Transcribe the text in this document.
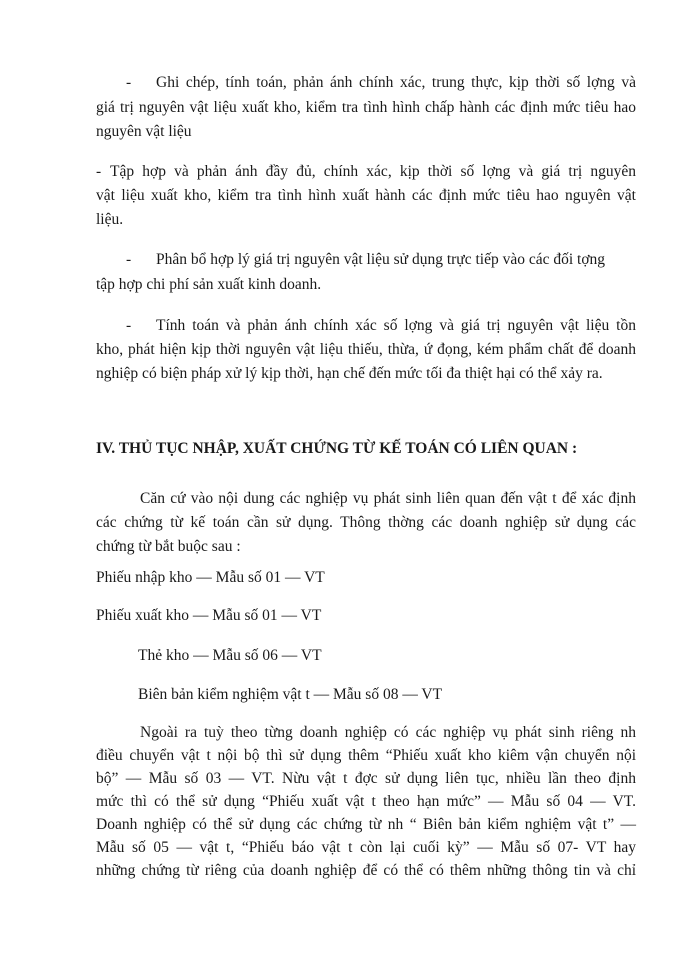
- Ghi chép, tính toán, phản ánh chính xác, trung thực, kịp thời số lợng và
giá trị nguyên vật liệu xuất kho, kiểm tra tình hình chấp hành các định mức tiêu hao
nguyên vật liệu
- Tập hợp và phản ánh đầy đủ, chính xác, kịp thời số lợng và giá trị nguyên
vật liệu xuất kho, kiểm tra tình hình xuất hành các định mức tiêu hao nguyên vật
liệu.
- Phân bổ hợp lý giá trị nguyên vật liệu sử dụng trực tiếp vào các đối tợng
tập hợp chi phí sản xuất kinh doanh.
- Tính toán và phản ánh chính xác số lợng và giá trị nguyên vật liệu tồn
kho, phát hiện kịp thời nguyên vật liệu thiếu, thừa, ứ đọng, kém phẩm chất để doanh
nghiệp có biện pháp xử lý kịp thời, hạn chế đến mức tối đa thiệt hại có thể xảy ra.
IV. THỦ TỤC NHẬP, XUẤT CHỨNG TỪ KẾ TOÁN CÓ LIÊN QUAN :
Căn cứ vào nội dung các nghiệp vụ phát sinh liên quan đến vật t để xác định
các chứng từ kế toán cần sử dụng. Thông thờng các doanh nghiệp sử dụng các
chứng từ bắt buộc sau :
Phiếu nhập kho — Mẫu số 01 — VT
Phiếu xuất kho — Mẫu số 01 — VT
Thẻ kho — Mẫu số 06 — VT
Biên bản kiểm nghiệm vật t — Mẫu số 08 — VT
Ngoài ra tuỳ theo từng doanh nghiệp có các nghiệp vụ phát sinh riêng nh
điều chuyển vật t nội bộ thì sử dụng thêm “Phiếu xuất kho kiêm vận chuyển nội
bộ” — Mẫu số 03 — VT. Nừu vật t đợc sử dụng liên tục, nhiều lần theo định
mức thì có thể sử dụng “Phiếu xuất vật t theo hạn mức” — Mẫu số 04 — VT.
Doanh nghiệp có thể sử dụng các chứng từ nh “ Biên bản kiểm nghiệm vật t” —
Mẫu số 05 — vật t, “Phiếu báo vật t còn lại cuối kỳ” — Mẫu số 07- VT hay
những chứng từ riêng của doanh nghiệp để có thể có thêm những thông tin và chỉ
